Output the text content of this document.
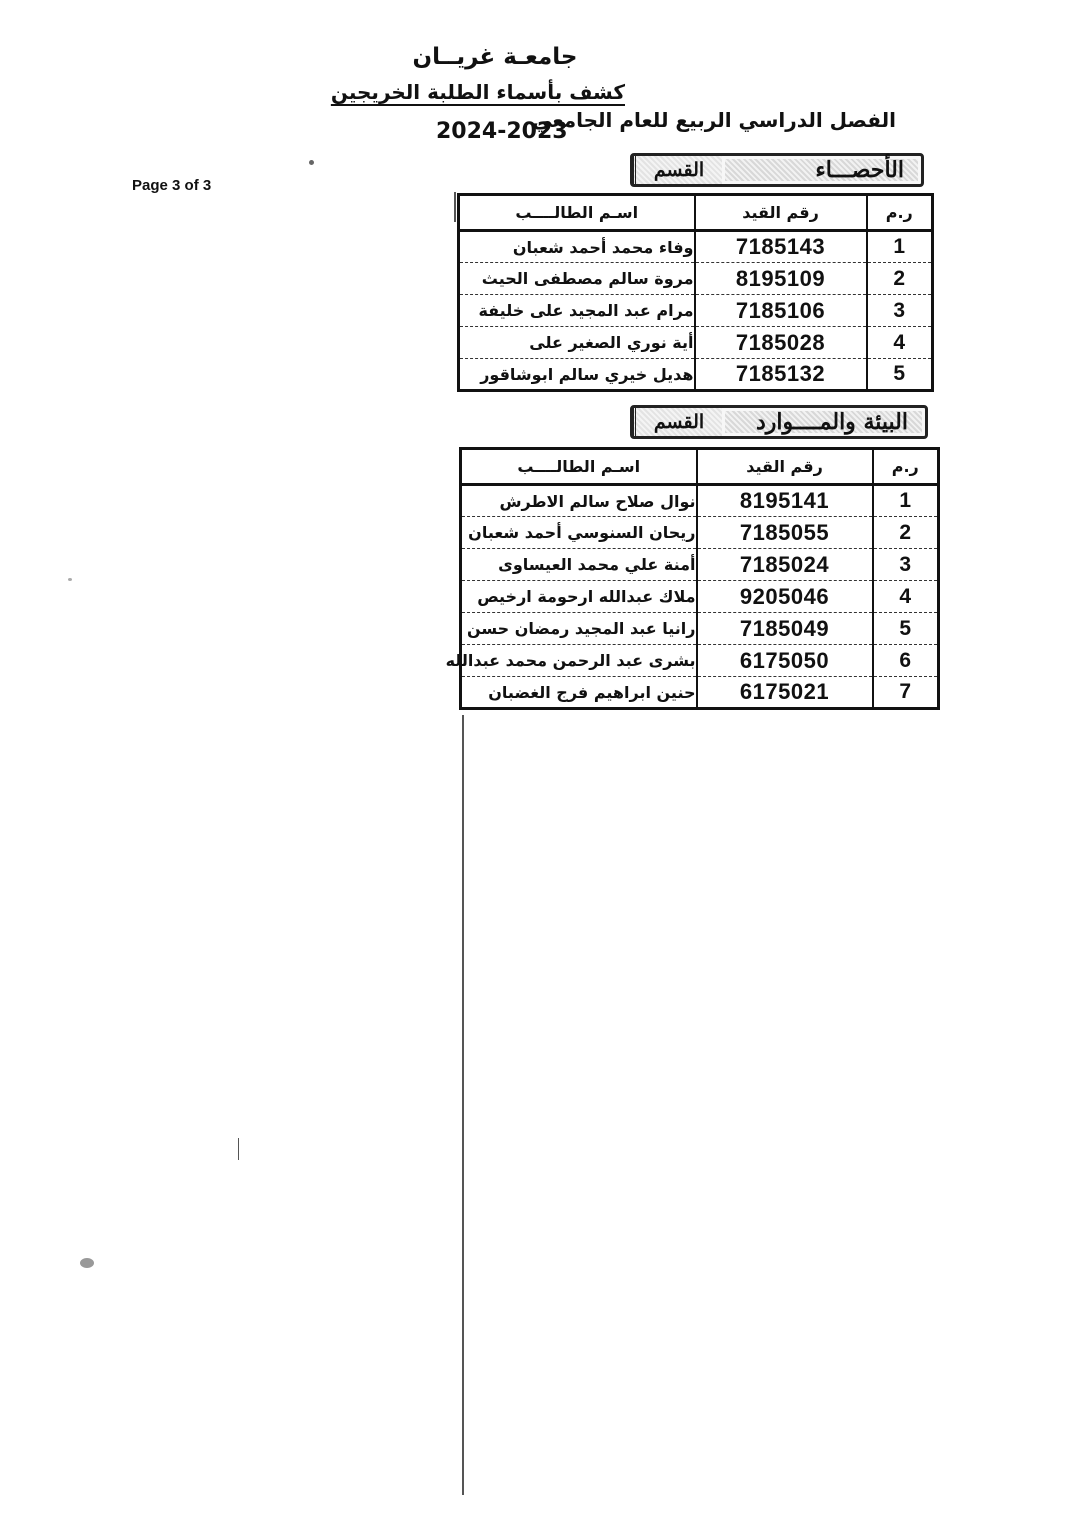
جامعـة غريــان
كشف بأسماء الطلبة الخريجين
الفصل الدراسي الربيع للعام الجامعي
2024-2023
Page 3 of 3
القسم	الأحصـــاء
ر.م	رقم القيد	اسـم الطالــــب
1	7185143	وفاء محمد أحمد شعبان
2	8195109	مروة سالم مصطفى الحيث
3	7185106	مرام عبد المجيد على خليفة
4	7185028	أية نوري الصغير على
5	7185132	هديل خيري سالم ابوشاقور
القسم	البيئة والمــــوارد
ر.م	رقم القيد	اسـم الطالــــب
1	8195141	نوال صلاح سالم الاطرش
2	7185055	ريحان السنوسي أحمد شعبان
3	7185024	أمنة علي محمد العيساوى
4	9205046	ملاك عبدالله ارحومة ارخيص
5	7185049	رانيا عبد المجيد رمضان حسن
6	6175050	بشرى عبد الرحمن محمد عبدالله
7	6175021	حنين ابراهيم فرج الغضبان
